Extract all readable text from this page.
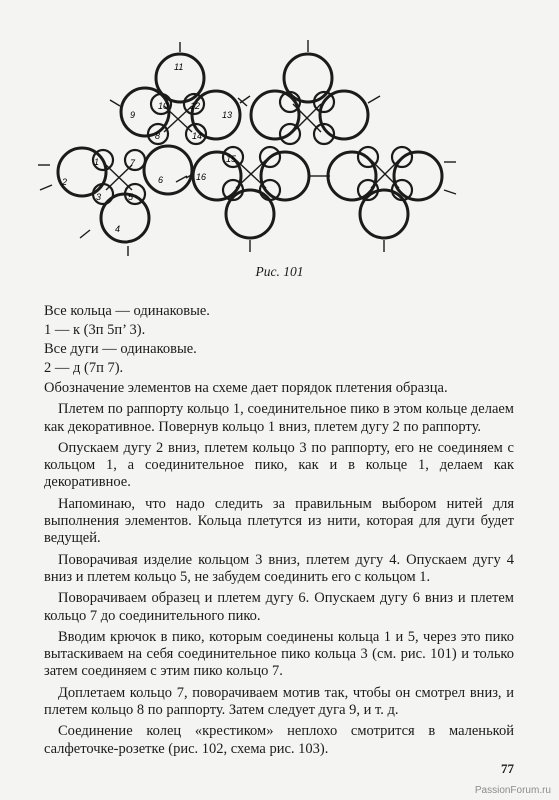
1
2
3
4
5
6
7
8
9
10
11
12
13
14
15
16
Рис. 101
Все кольца — одинаковые.
1 — к (3п 5п’ 3).
Все дуги — одинаковые.
2 — д (7п 7).

Обозначение элементов на схеме дает порядок плетения образца.

Плетем по раппорту кольцо 1, соединительное пико в этом кольце делаем как декоративное. Повернув кольцо 1 вниз, плетем дугу 2 по раппорту.

Опускаем дугу 2 вниз, плетем кольцо 3 по раппорту, его не соединяем с кольцом 1, а соединительное пико, как и в кольце 1, делаем как декоративное.

Напоминаю, что надо следить за правильным выбором нитей для выполнения элементов. Кольца плетутся из нити, которая для дуги будет ведущей.

Поворачивая изделие кольцом 3 вниз, плетем дугу 4. Опускаем дугу 4 вниз и плетем кольцо 5, не забудем соединить его с кольцом 1.

Поворачиваем образец и плетем дугу 6. Опускаем дугу 6 вниз и плетем кольцо 7 до соединительного пико.

Вводим крючок в пико, которым соединены кольца 1 и 5, через это пико вытаскиваем на себя соединительное пико кольца 3 (см. рис. 101) и только затем соединяем с этим пико кольцо 7.

Доплетаем кольцо 7, поворачиваем мотив так, чтобы он смотрел вниз, и плетем кольцо 8 по раппорту. Затем следует дуга 9, и т. д.

Соединение колец «крестиком» неплохо смотрится в маленькой салфеточке-розетке (рис. 102, схема рис. 103).

77
PassionForum.ru
